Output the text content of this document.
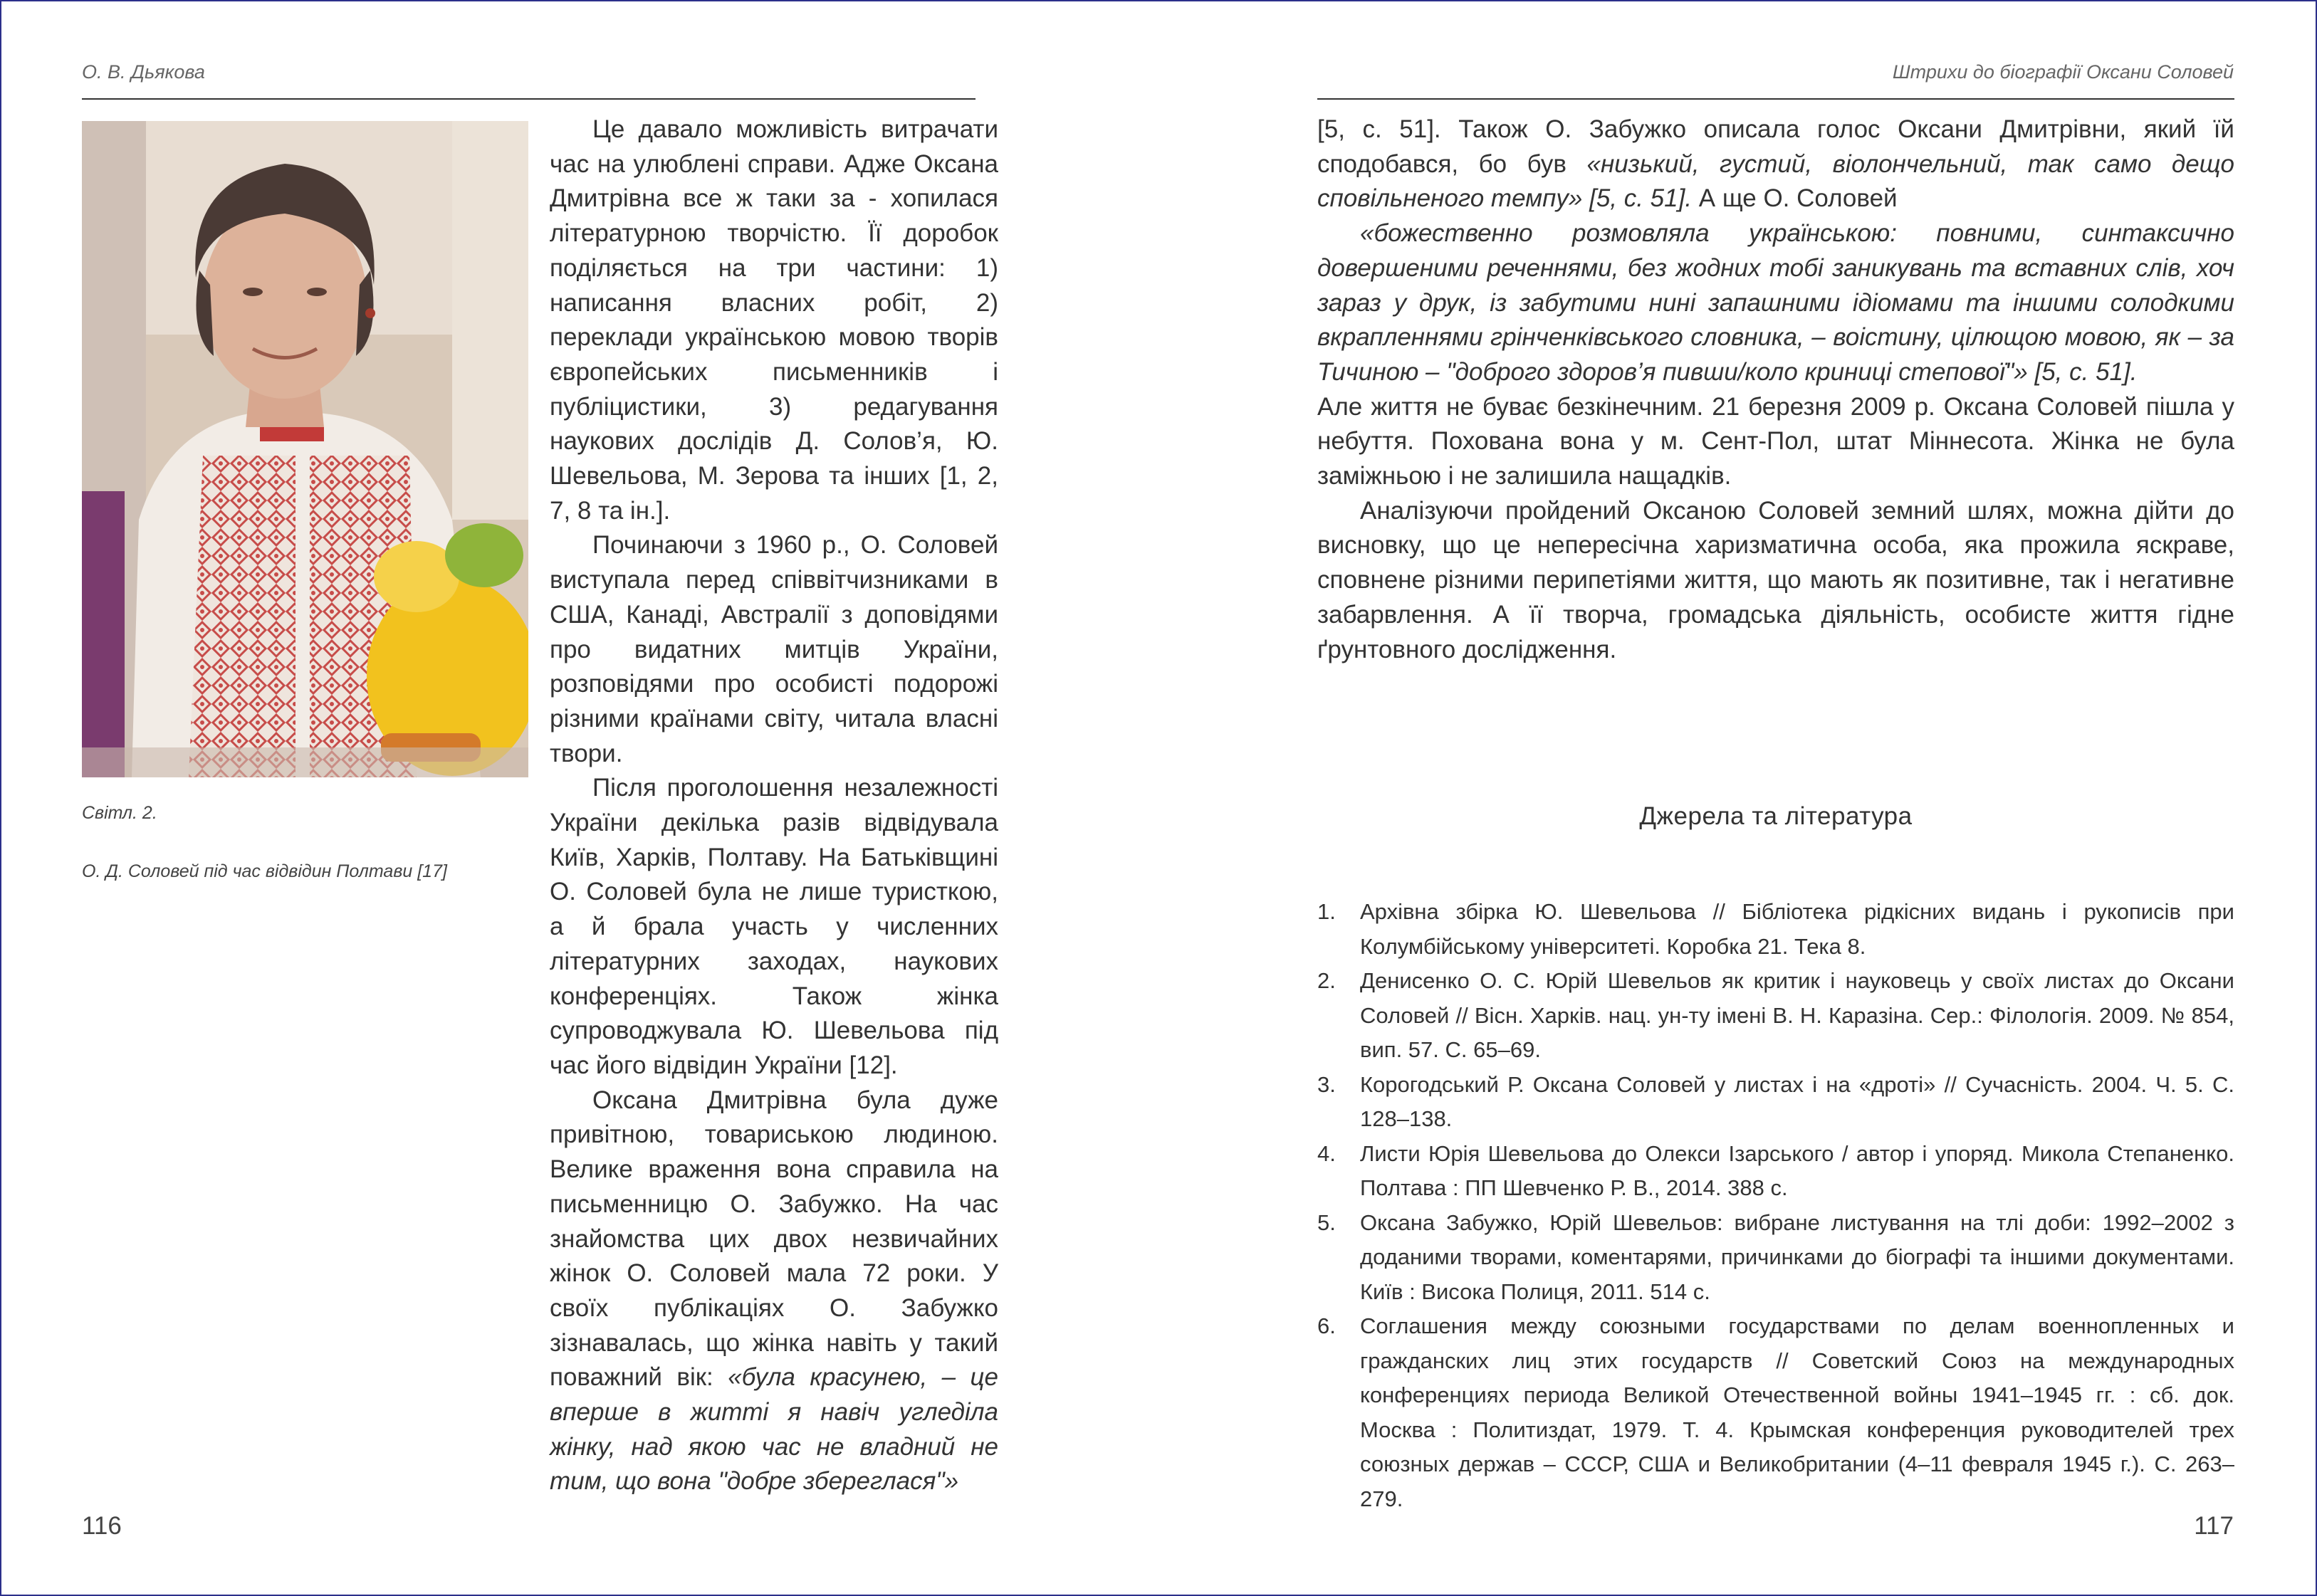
О. В. Дьякова
Світл. 2.
О. Д. Соловей під час відвідин Полтави [17]

Це давало можливість витрачати час на улюблені справи. Адже Оксана Дмитрівна все ж таки за - хопилася літературною творчістю. Її доробок поділяється на три частини: 1) написання власних робіт, 2) переклади українською мовою творів європейських письменників і публіцистики, 3) редагування наукових дослідів Д. Солов’я, Ю. Шевельова, М. Зерова та інших [1, 2, 7, 8 та ін.].

Починаючи з 1960 р., О. Соловей виступала перед співвітчизниками в США, Канаді, Австралії з доповідями про видатних митців України, розповідями про особисті подорожі різними країнами світу, читала власні твори.

Після проголошення незалежності України декілька разів відвідувала Київ, Харків, Полтаву. На Батьківщині О. Соловей була не лише туристкою, а й брала участь у численних літературних заходах, наукових конференціях. Також жінка супроводжувала Ю. Шевельова під час його відвідин України [12].

Оксана Дмитрівна була дуже привітною, товариською людиною. Велике враження вона справила на письменницю О. Забужко. На час знайомства цих двох незвичайних жінок О. Соловей мала 72 роки. У своїх публікаціях О. Забужко зізнавалась, що жінка навіть у такий поважний вік: «була красунею, – це вперше в житті я навіч угледіла жінку, над якою час не владний не тим, що вона "добре збереглася"»

116
Штрихи до біографії Оксани Соловей

[5, с. 51]. Також О. Забужко описала голос Оксани Дмитрівни, який їй сподобався, бо був «низький, густий, віолончельний, так само дещо сповільненого темпу» [5, с. 51]. А ще О. Соловей

«божественно розмовляла українською: повними, синтаксично довершеними реченнями, без жодних тобі заникувань та вставних слів, хоч зараз у друк, із забутими нині запашними ідіомами та іншими солодкими вкрапленнями грінченківського словника, – воістину, цілющою мовою, як – за Тичиною – "доброго здоров’я пивши/коло криниці степової"» [5, с. 51].

Але життя не буває безкінечним. 21 березня 2009 р. Оксана Соловей пішла у небуття. Похована вона у м. Сент-Пол, штат Міннесота. Жінка не була заміжньою і не залишила нащадків.

Аналізуючи пройдений Оксаною Соловей земний шлях, можна дійти до висновку, що це непересічна харизматична особа, яка прожила яскраве, сповнене різними перипетіями життя, що мають як позитивне, так і негативне забарвлення. А її творча, громадська діяльність, особисте життя гідне ґрунтовного дослідження.

Джерела та література
1. Архівна збірка Ю. Шевельова // Бібліотека рідкісних видань і рукописів при Колумбійському університеті. Коробка 21. Тека 8.
2. Денисенко О. С. Юрій Шевельов як критик і науковець у своїх листах до Оксани Соловей // Вісн. Харків. нац. ун-ту імені В. Н. Каразіна. Сер.: Філологія. 2009. № 854, вип. 57. С. 65–69.
3. Корогодський Р. Оксана Соловей у листах і на «дроті» // Сучасність. 2004. Ч. 5. С. 128–138.
4. Листи Юрія Шевельова до Олекси Ізарського / автор і упоряд. Микола Степаненко. Полтава : ПП Шевченко Р. В., 2014. 388 с.
5. Оксана Забужко, Юрій Шевельов: вибране листування на тлі доби: 1992–2002 з доданими творами, коментарями, причинками до біографі та іншими документами. Київ : Висока Полиця, 2011. 514 с.
6. Соглашения между союзными государствами по делам военнопленных и гражданских лиц этих государств // Советский Союз на международных конференциях периода Великой Отечественной войны 1941–1945 гг. : сб. док. Москва : Политиздат, 1979. Т. 4. Крымская конференция руководителей трех союзных держав – СССР, США и Великобритании (4–11 февраля 1945 г.). С. 263–279.
117
